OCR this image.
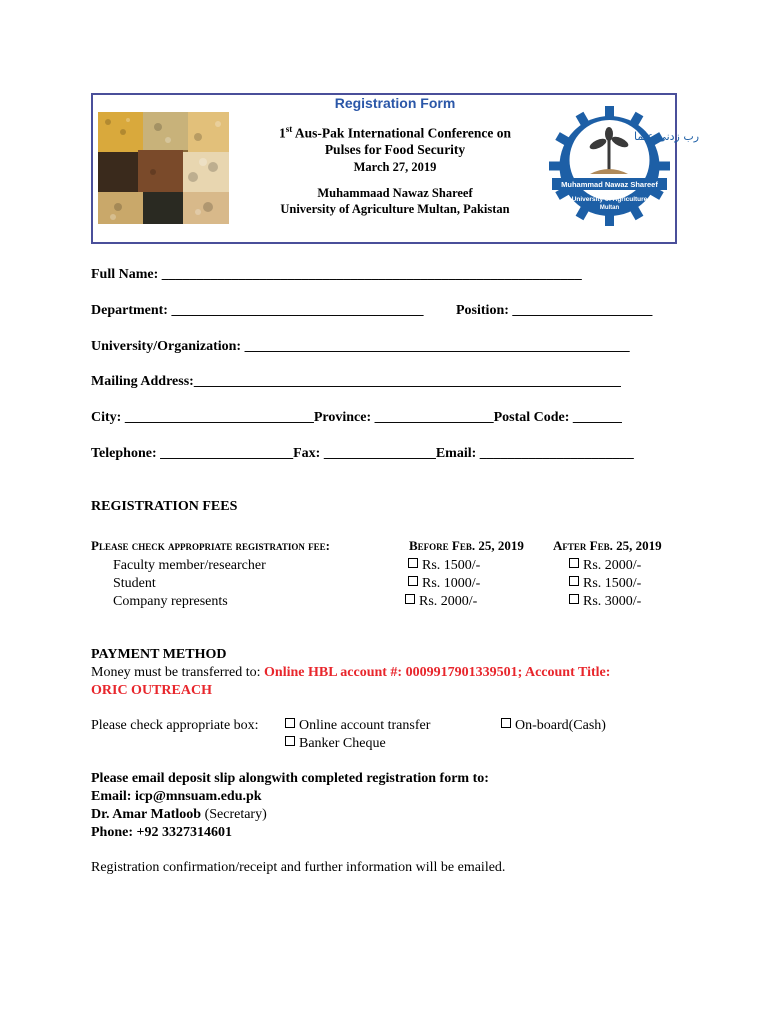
رب زدنی علما
Muhammad Nawaz Shareef
University of Agriculture
Multan
Registration Form
1st Aus-Pak International Conference on
Pulses for Food Security
March 27, 2019
Muhammaad Nawaz Shareef
University of Agriculture Multan, Pakistan
Full Name: ____________________________________________________________
Department: ____________________________________ Position: ____________________
University/Organization: _______________________________________________________
Mailing Address:_____________________________________________________________
City: ___________________________Province: _________________Postal Code: _______
Telephone: ___________________Fax: ________________Email: ______________________
REGISTRATION FEES
Please check appropriate registration fee:	Before Feb. 25, 2019 After Feb. 25, 2019
Faculty member/researcher
Student
Company represents
Rs. 1500/-
Rs. 1000/-
Rs. 2000/-
Rs. 2000/-
Rs. 1500/-
Rs. 3000/-
PAYMENT METHOD
Money must be transferred to: Online HBL account #: 0009917901339501; Account Title:
ORIC OUTREACH
Please check appropriate box:	Online account transfer
Banker Cheque
On-board(Cash)
Please email deposit slip alongwith completed registration form to:
Email: icp@mnsuam.edu.pk
Dr. Amar Matloob (Secretary)
Phone: +92 3327314601
Registration confirmation/receipt and further information will be emailed.
